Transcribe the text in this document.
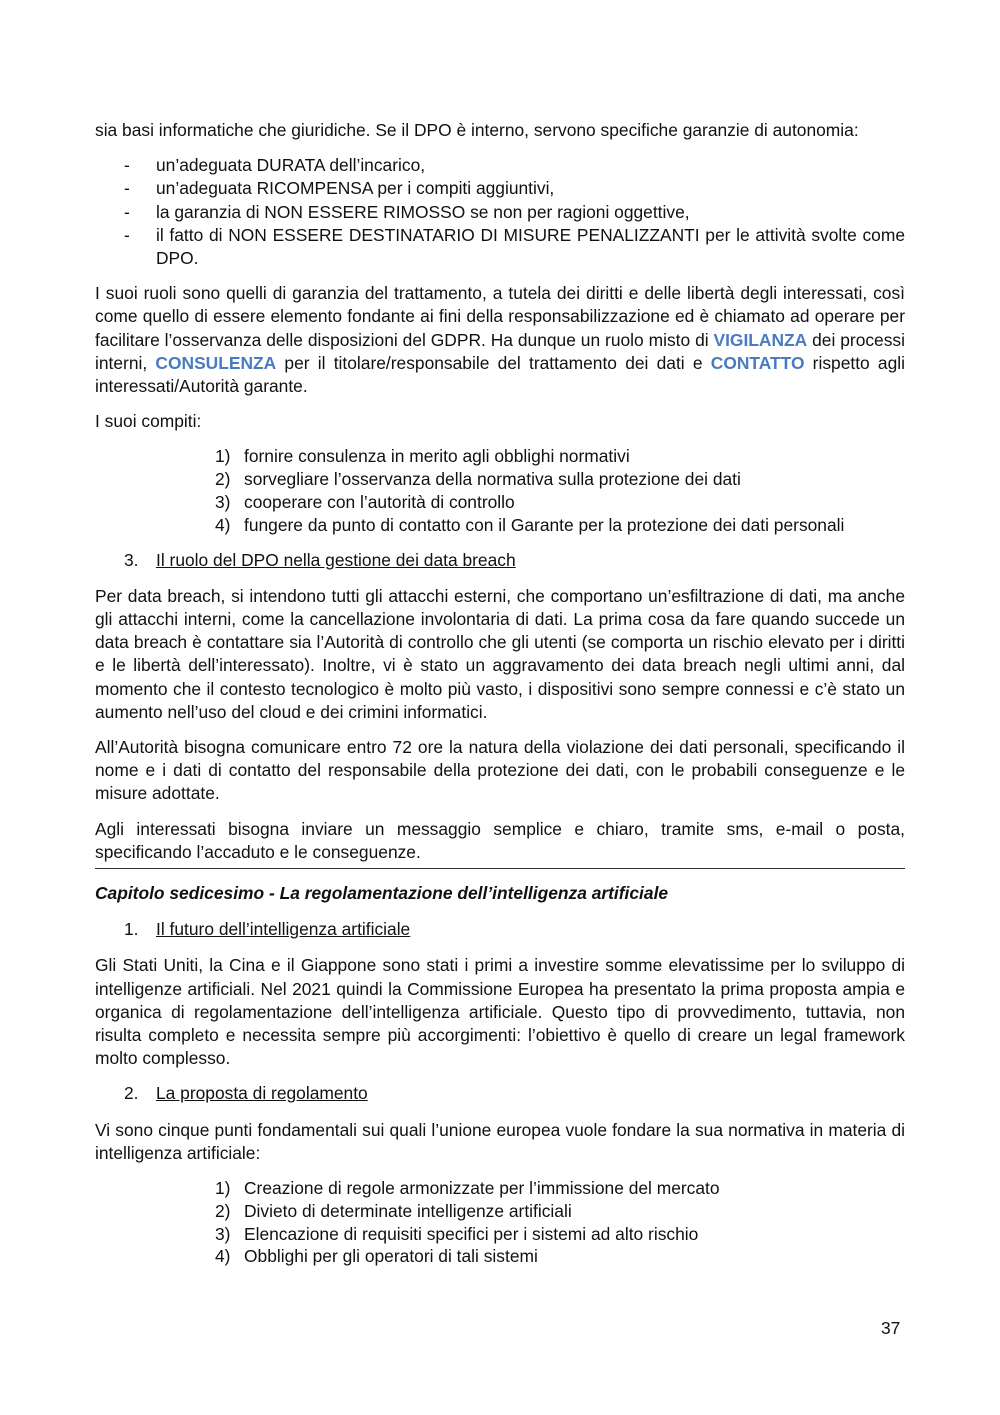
sia basi informatiche che giuridiche. Se il DPO è interno, servono specifiche garanzie di autonomia:

- un’adeguata DURATA dell’incarico,
- un’adeguata RICOMPENSA per i compiti aggiuntivi,
- la garanzia di NON ESSERE RIMOSSO se non per ragioni oggettive,
- il fatto di NON ESSERE DESTINATARIO DI MISURE PENALIZZANTI per le attività svolte come DPO.

I suoi ruoli sono quelli di garanzia del trattamento, a tutela dei diritti e delle libertà degli interessati, così come quello di essere elemento fondante ai fini della responsabilizzazione ed è chiamato ad operare per facilitare l’osservanza delle disposizioni del GDPR. Ha dunque un ruolo misto di VIGILANZA dei processi interni, CONSULENZA per il titolare/responsabile del trattamento dei dati e CONTATTO rispetto agli interessati/Autorità garante.

I suoi compiti:

1) fornire consulenza in merito agli obblighi normativi
2) sorvegliare l’osservanza della normativa sulla protezione dei dati
3) cooperare con l’autorità di controllo
4) fungere da punto di contatto con il Garante per la protezione dei dati personali
3. Il ruolo del DPO nella gestione dei data breach

Per data breach, si intendono tutti gli attacchi esterni, che comportano un’esfiltrazione di dati, ma anche gli attacchi interni, come la cancellazione involontaria di dati. La prima cosa da fare quando succede un data breach è contattare sia l’Autorità di controllo che gli utenti (se comporta un rischio elevato per i diritti e le libertà dell’interessato). Inoltre, vi è stato un aggravamento dei data breach negli ultimi anni, dal momento che il contesto tecnologico è molto più vasto, i dispositivi sono sempre connessi e c’è stato un aumento nell’uso del cloud e dei crimini informatici.

All’Autorità bisogna comunicare entro 72 ore la natura della violazione dei dati personali, specificando il nome e i dati di contatto del responsabile della protezione dei dati, con le probabili conseguenze e le misure adottate.

Agli interessati bisogna inviare un messaggio semplice e chiaro, tramite sms, e-mail o posta, specificando l’accaduto e le conseguenze.

Capitolo sedicesimo - La regolamentazione dell’intelligenza artificiale
1. Il futuro dell’intelligenza artificiale

Gli Stati Uniti, la Cina e il Giappone sono stati i primi a investire somme elevatissime per lo sviluppo di intelligenze artificiali. Nel 2021 quindi la Commissione Europea ha presentato la prima proposta ampia e organica di regolamentazione dell’intelligenza artificiale. Questo tipo di provvedimento, tuttavia, non risulta completo e necessita sempre più accorgimenti: l’obiettivo è quello di creare un legal framework molto complesso.

2. La proposta di regolamento

Vi sono cinque punti fondamentali sui quali l’unione europea vuole fondare la sua normativa in materia di intelligenza artificiale:

1) Creazione di regole armonizzate per l’immissione del mercato
2) Divieto di determinate intelligenze artificiali
3) Elencazione di requisiti specifici per i sistemi ad alto rischio
4) Obblighi per gli operatori di tali sistemi
37
